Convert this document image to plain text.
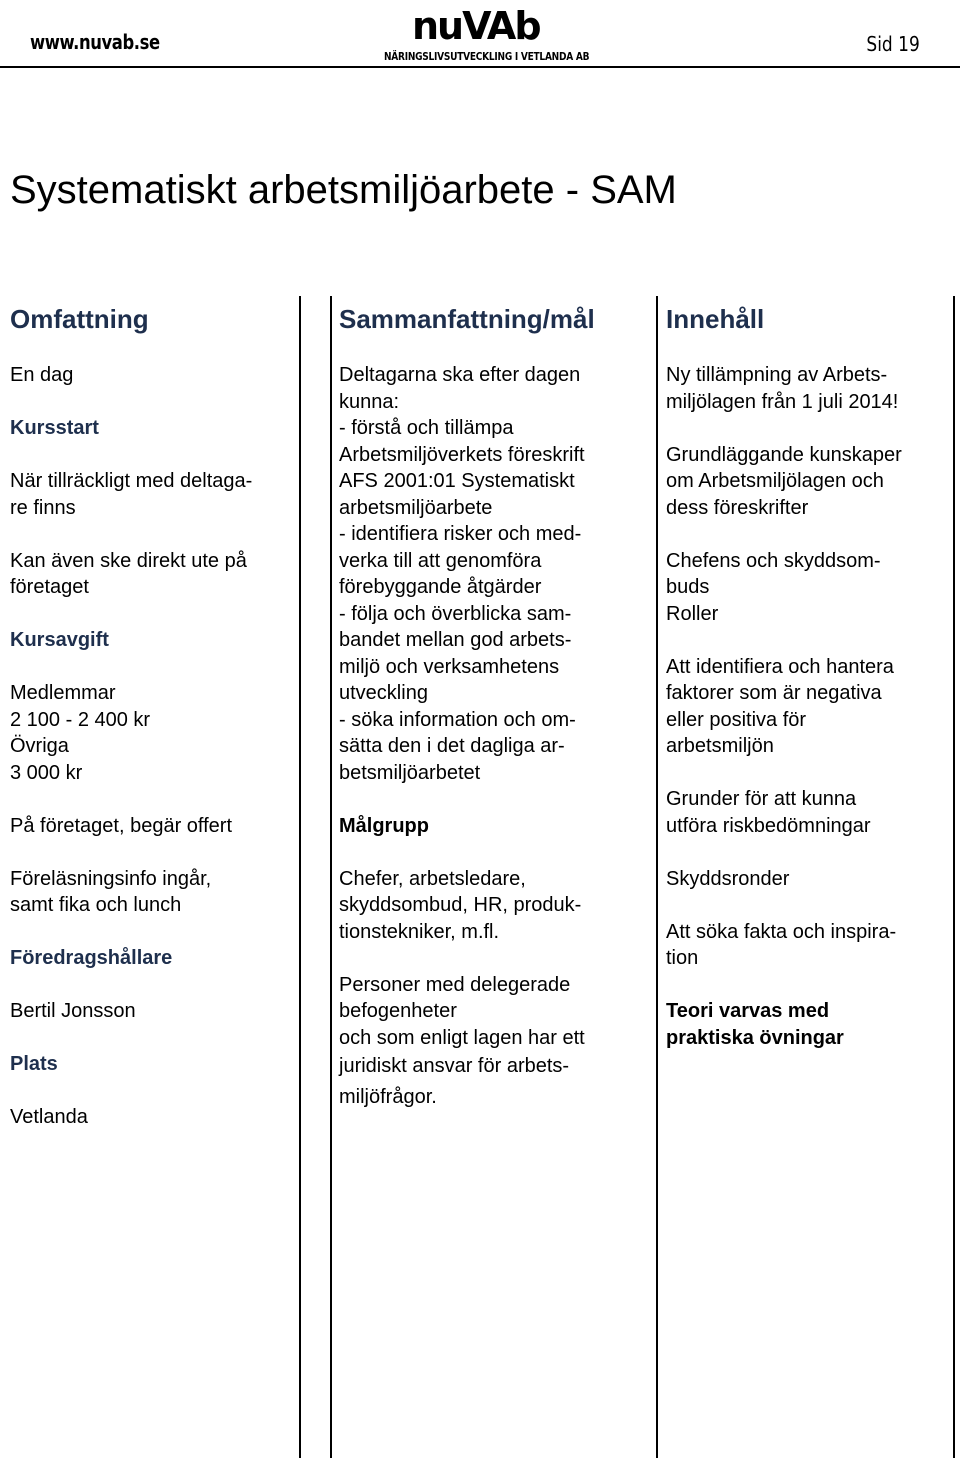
www.nuvab.se	nuVAb
NÄRINGSLIVSUTVECKLING I VETLANDA AB
Sid 19
Systematiskt arbetsmiljöarbete - SAM
Omfattning
En dag
Kursstart
När tillräckligt med deltaga-
re finns
Kan även ske direkt ute på
företaget
Kursavgift
Medlemmar
2 100 - 2 400 kr
Övriga
3 000 kr
På företaget, begär offert
Föreläsningsinfo ingår,
samt fika och lunch
Föredragshållare
Bertil Jonsson
Plats
Vetlanda
Sammanfattning/mål
Deltagarna ska efter dagen
kunna:
- förstå och tillämpa
Arbetsmiljöverkets föreskrift
AFS 2001:01 Systematiskt
arbetsmiljöarbete
- identifiera risker och med-
verka till att genomföra
förebyggande åtgärder
- följa och överblicka sam-
bandet mellan god arbets-
miljö och verksamhetens
utveckling
- söka information och om-
sätta den i det dagliga ar-
betsmiljöarbetet
Målgrupp
Chefer, arbetsledare,
skyddsombud, HR, produk-
tionstekniker, m.fl.
Personer med delegerade
befogenheter
och som enligt lagen har ett
juridiskt ansvar för arbets-
miljöfrågor.
Innehåll
Ny tillämpning av Arbets-
miljölagen från 1 juli 2014!
Grundläggande kunskaper
om Arbetsmiljölagen och
dess föreskrifter
Chefens och skyddsom-
buds
Roller
Att identifiera och hantera
faktorer som är negativa
eller positiva för
arbetsmiljön
Grunder för att kunna
utföra riskbedömningar
Skyddsronder
Att söka fakta och inspira-
tion
Teori varvas med
praktiska övningar
